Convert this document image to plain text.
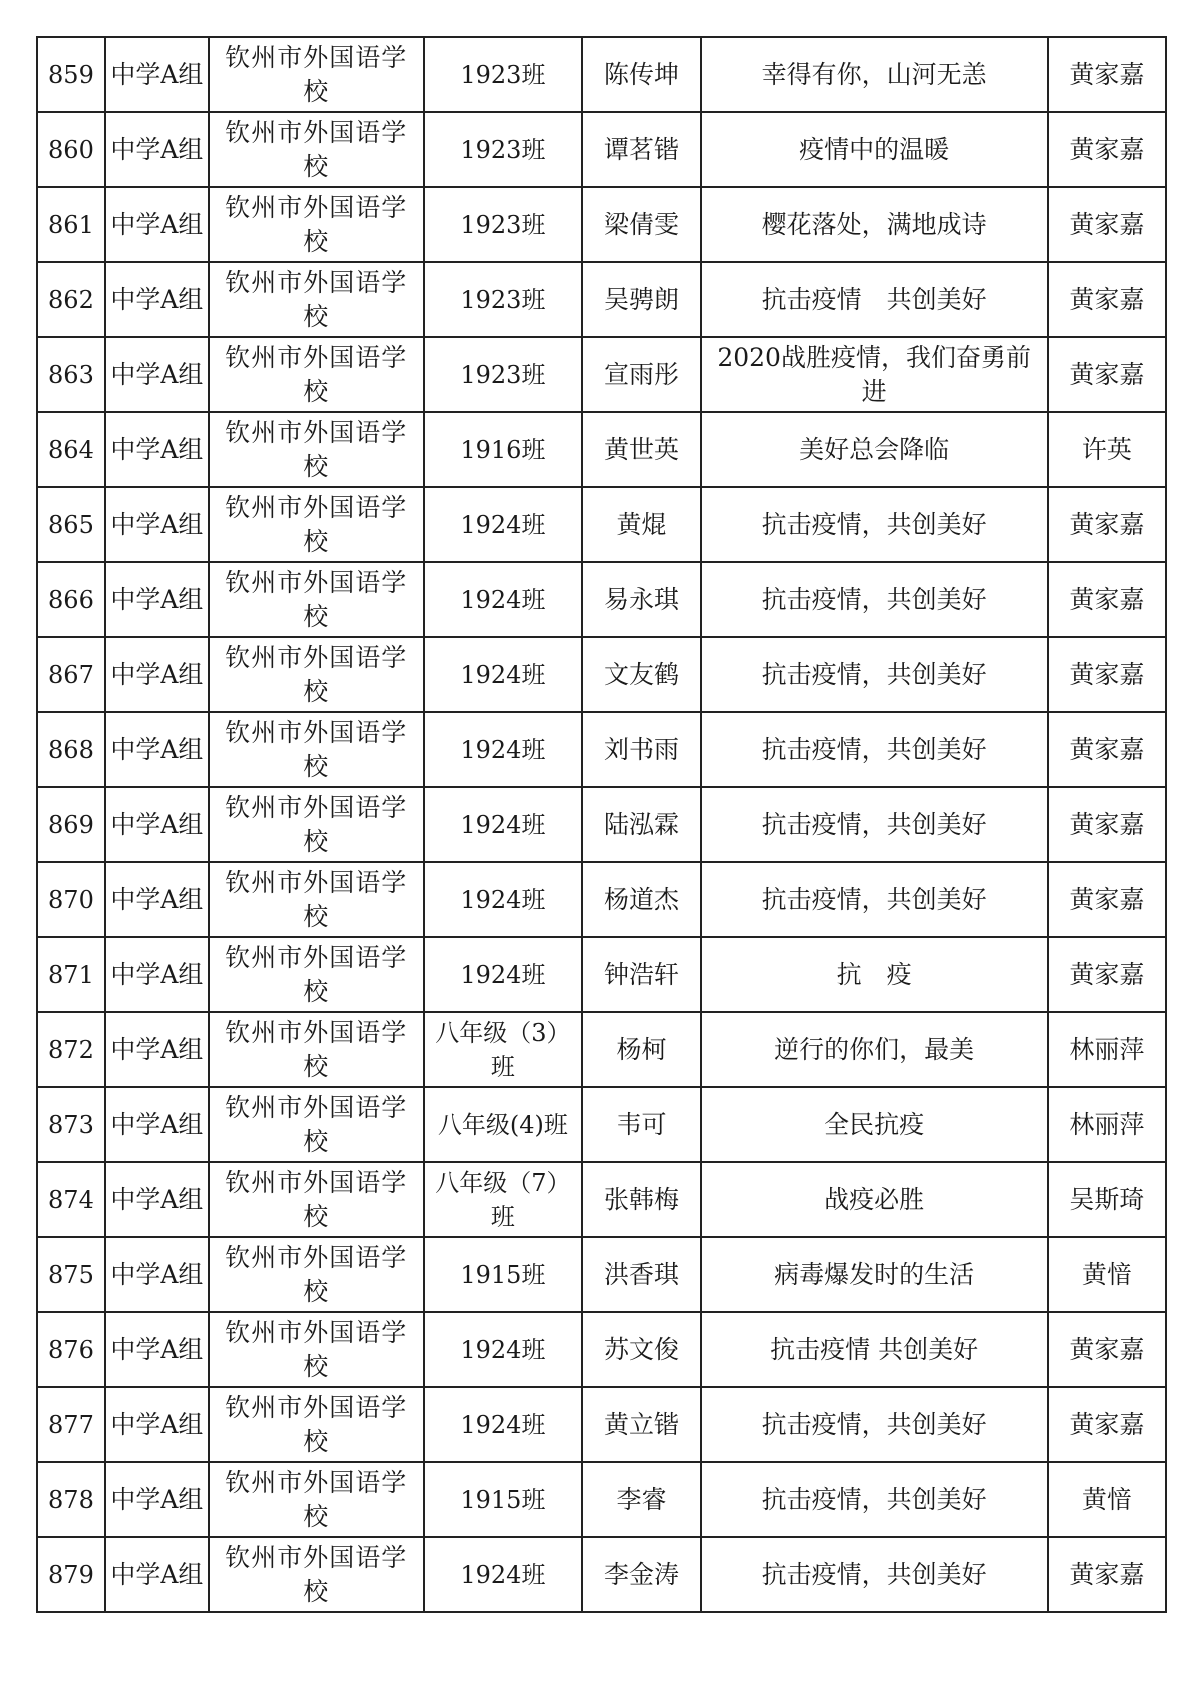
859	中学A组	钦州市外国语学校	1923班	陈传坤	幸得有你，山河无恙	黄家嘉
860	中学A组	钦州市外国语学校	1923班	谭茗锴	疫情中的温暖	黄家嘉
861	中学A组	钦州市外国语学校	1923班	梁倩雯	樱花落处，满地成诗	黄家嘉
862	中学A组	钦州市外国语学校	1923班	吴骋朗	抗击疫情　共创美好	黄家嘉
863	中学A组	钦州市外国语学校	1923班	宣雨彤	2020战胜疫情，我们奋勇前进	黄家嘉
864	中学A组	钦州市外国语学校	1916班	黄世英	美好总会降临	许英
865	中学A组	钦州市外国语学校	1924班	黄焜	抗击疫情，共创美好	黄家嘉
866	中学A组	钦州市外国语学校	1924班	易永琪	抗击疫情，共创美好	黄家嘉
867	中学A组	钦州市外国语学校	1924班	文友鹤	抗击疫情，共创美好	黄家嘉
868	中学A组	钦州市外国语学校	1924班	刘书雨	抗击疫情，共创美好	黄家嘉
869	中学A组	钦州市外国语学校	1924班	陆泓霖	抗击疫情，共创美好	黄家嘉
870	中学A组	钦州市外国语学校	1924班	杨道杰	抗击疫情，共创美好	黄家嘉
871	中学A组	钦州市外国语学校	1924班	钟浩轩	抗　疫	黄家嘉
872	中学A组	钦州市外国语学校	八年级（3）班	杨柯	逆行的你们，最美	林丽萍
873	中学A组	钦州市外国语学校	八年级(4)班	韦可	全民抗疫	林丽萍
874	中学A组	钦州市外国语学校	八年级（7）班	张韩梅	战疫必胜	吴斯琦
875	中学A组	钦州市外国语学校	1915班	洪香琪	病毒爆发时的生活	黄愔
876	中学A组	钦州市外国语学校	1924班	苏文俊	抗击疫情 共创美好	黄家嘉
877	中学A组	钦州市外国语学校	1924班	黄立锴	抗击疫情，共创美好	黄家嘉
878	中学A组	钦州市外国语学校	1915班	李睿	抗击疫情，共创美好	黄愔
879	中学A组	钦州市外国语学校	1924班	李金涛	抗击疫情，共创美好	黄家嘉
